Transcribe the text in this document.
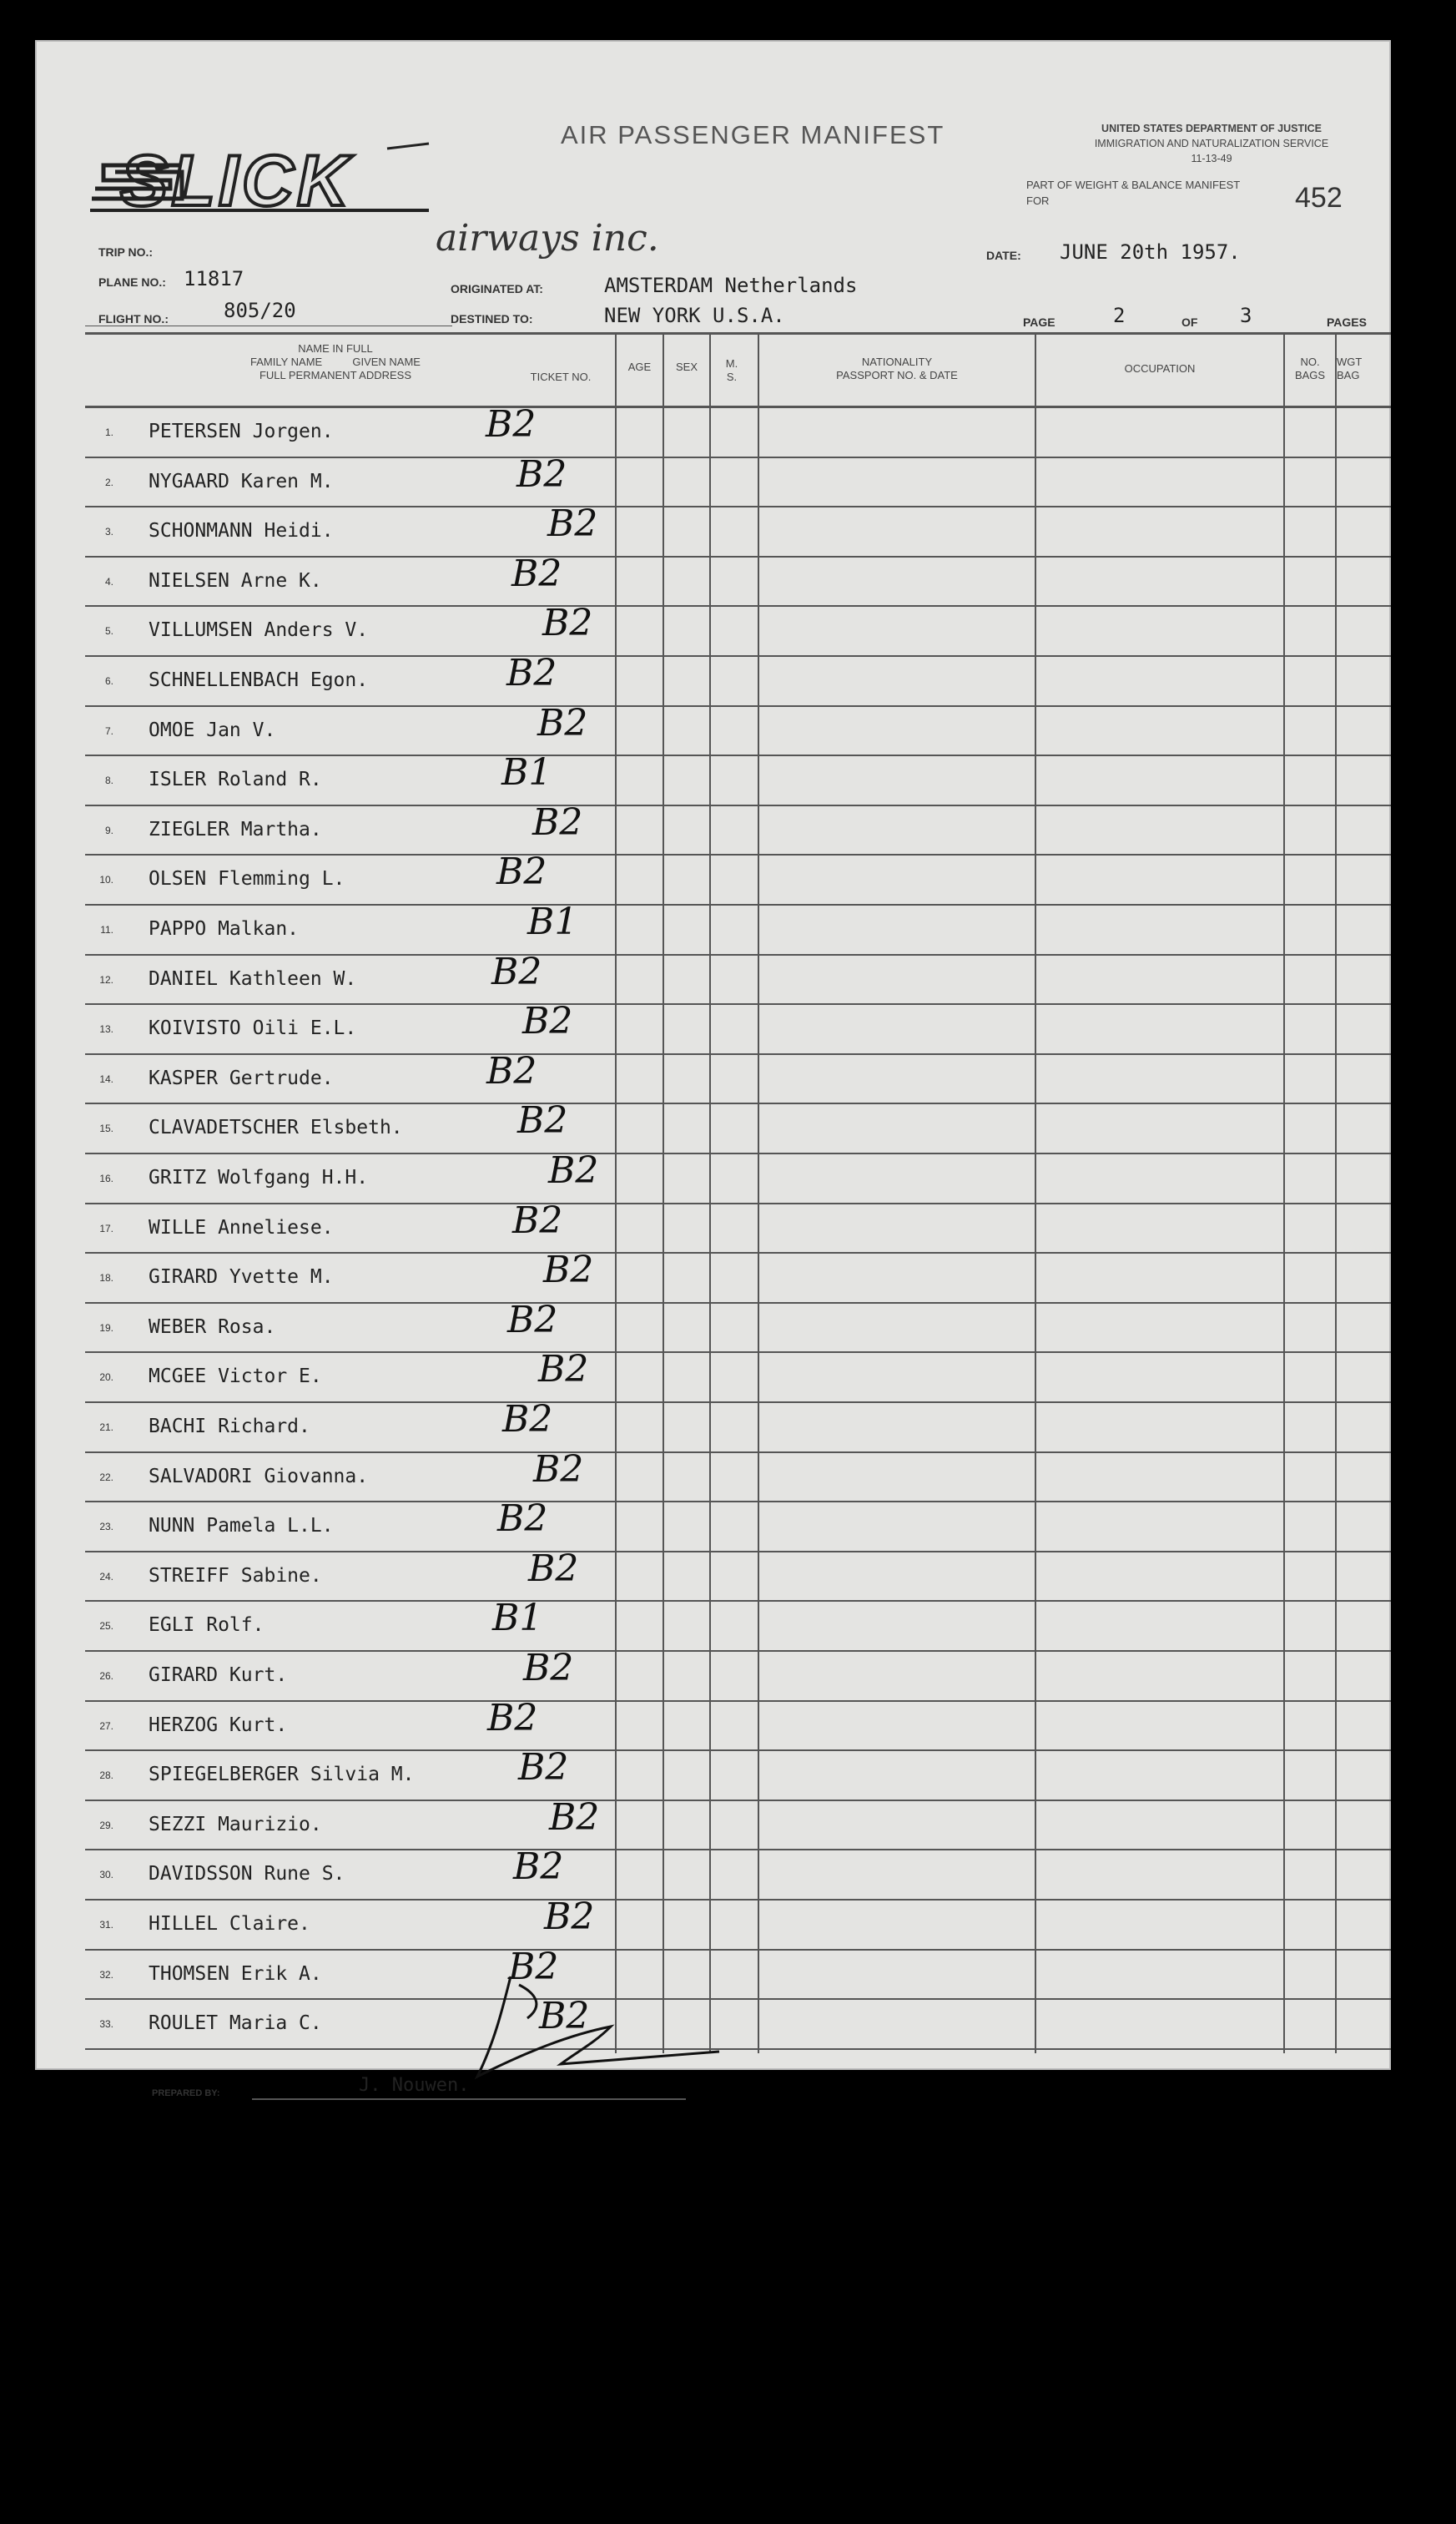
AIR PASSENGER MANIFEST
SLICK
airways inc.
UNITED STATES DEPARTMENT OF JUSTICE
IMMIGRATION AND NATURALIZATION SERVICE
11-13-49
PART OF WEIGHT & BALANCE MANIFEST FOR	452
TRIP NO.:
PLANE NO.: 11817
FLIGHT NO.:	805/20
ORIGINATED AT:	AMSTERDAM Netherlands
DESTINED TO:	NEW YORK U.S.A.
DATE: JUNE 20th 1957.
PAGE	2	OF 3	PAGES
NAME IN FULL
FAMILY NAME          GIVEN NAME
FULL PERMANENT ADDRESS	TICKET NO.
AGE	SEX	M. S.
NATIONALITY
PASSPORT NO. & DATE
OCCUPATION
NO.
BAGS
WGT
BAG
1. PETERSEN Jorgen.	B2
2. NYGAARD Karen M.	B2
3. SCHONMANN Heidi.	B2
4. NIELSEN Arne K.	B2
5. VILLUMSEN Anders V.	B2
6. SCHNELLENBACH Egon.	B2
7. OMOE Jan V.	B2
8. ISLER Roland R.	B1
9. ZIEGLER Martha.	B2
10. OLSEN Flemming L.	B2
11. PAPPO Malkan.	B1
12. DANIEL Kathleen W.	B2
13. KOIVISTO Oili E.L.	B2
14. KASPER Gertrude.	B2
15. CLAVADETSCHER Elsbeth.	B2
16. GRITZ Wolfgang H.H.	B2
17. WILLE Anneliese.	B2
18. GIRARD Yvette M.	B2
19. WEBER Rosa.	B2
20. MCGEE Victor E.	B2
21. BACHI Richard.	B2
22. SALVADORI Giovanna.	B2
23. NUNN Pamela L.L.	B2
24. STREIFF Sabine.	B2
25. EGLI Rolf.	B1
26. GIRARD Kurt.	B2
27. HERZOG Kurt.	B2
28. SPIEGELBERGER Silvia M.	B2
29. SEZZI Maurizio.	B2
30. DAVIDSSON Rune S.	B2
31. HILLEL Claire.	B2
32. THOMSEN Erik A.	B2
33. ROULET Maria C.	B2
PREPARED BY:	J. Nouwen.
